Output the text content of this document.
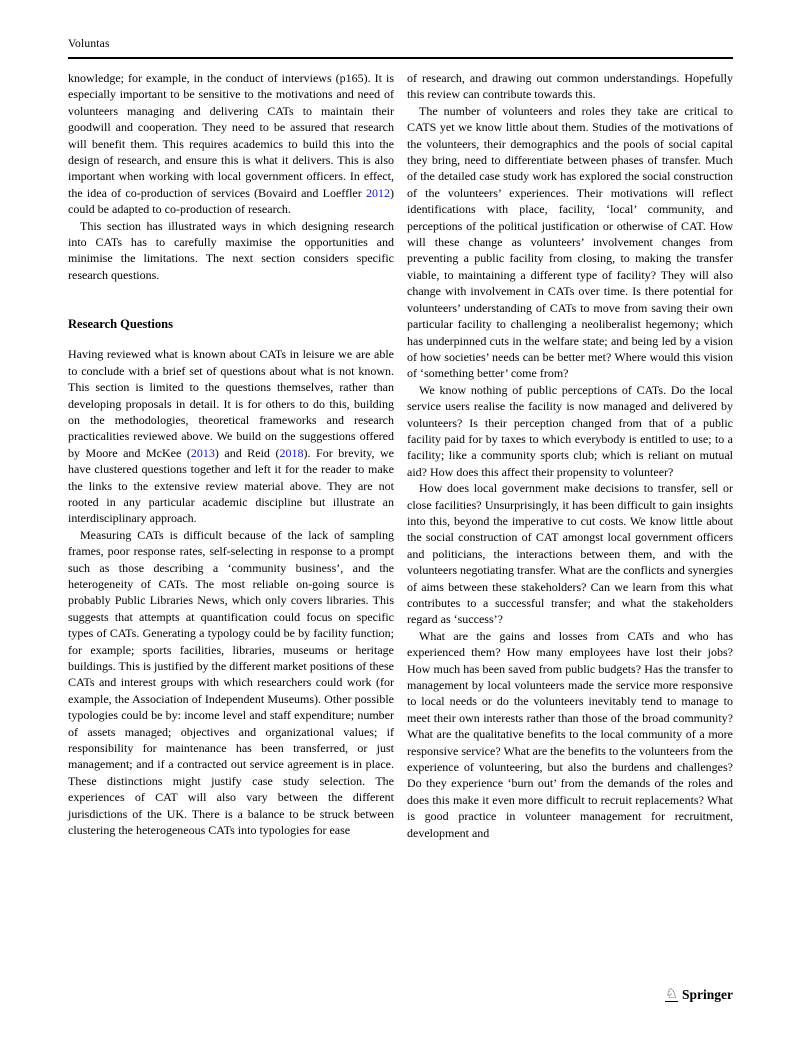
Voluntas

knowledge; for example, in the conduct of interviews (p165). It is especially important to be sensitive to the motivations and need of volunteers managing and delivering CATs to maintain their goodwill and cooperation. They need to be assured that research will benefit them. This requires academics to build this into the design of research, and ensure this is what it delivers. This is also important when working with local government officers. In effect, the idea of co-production of services (Bovaird and Loeffler 2012) could be adapted to co-production of research.

This section has illustrated ways in which designing research into CATs has to carefully maximise the opportunities and minimise the limitations. The next section considers specific research questions.

Research Questions

Having reviewed what is known about CATs in leisure we are able to conclude with a brief set of questions about what is not known. This section is limited to the questions themselves, rather than developing proposals in detail. It is for others to do this, building on the methodologies, theoretical frameworks and research practicalities reviewed above. We build on the suggestions offered by Moore and McKee (2013) and Reid (2018). For brevity, we have clustered questions together and left it for the reader to make the links to the extensive review material above. They are not rooted in any particular academic discipline but illustrate an interdisciplinary approach.

Measuring CATs is difficult because of the lack of sampling frames, poor response rates, self-selecting in response to a prompt such as those describing a ‘community business’, and the heterogeneity of CATs. The most reliable on-going source is probably Public Libraries News, which only covers libraries. This suggests that attempts at quantification could focus on specific types of CATs. Generating a typology could be by facility function; for example; sports facilities, libraries, museums or heritage buildings. This is justified by the different market positions of these CATs and interest groups with which researchers could work (for example, the Association of Independent Museums). Other possible typologies could be by: income level and staff expenditure; number of assets managed; objectives and organizational values; if responsibility for maintenance has been transferred, or just management; and if a contracted out service agreement is in place. These distinctions might justify case study selection. The experiences of CAT will also vary between the different jurisdictions of the UK. There is a balance to be struck between clustering the heterogeneous CATs into typologies for ease

of research, and drawing out common understandings. Hopefully this review can contribute towards this.

The number of volunteers and roles they take are critical to CATS yet we know little about them. Studies of the motivations of the volunteers, their demographics and the pools of social capital they bring, need to differentiate between phases of transfer. Much of the detailed case study work has explored the social construction of the volunteers’ experiences. Their motivations will reflect identifications with place, facility, ‘local’ community, and perceptions of the political justification or otherwise of CAT. How will these change as volunteers’ involvement changes from preventing a public facility from closing, to making the transfer viable, to maintaining a different type of facility? They will also change with involvement in CATs over time. Is there potential for volunteers’ understanding of CATs to move from saving their own particular facility to challenging a neoliberalist hegemony; which has underpinned cuts in the welfare state; and being led by a vision of how societies’ needs can be better met? Where would this vision of ‘something better’ come from?

We know nothing of public perceptions of CATs. Do the local service users realise the facility is now managed and delivered by volunteers? Is their perception changed from that of a public facility paid for by taxes to which everybody is entitled to use; to a facility; like a community sports club; which is reliant on mutual aid? How does this affect their propensity to volunteer?

How does local government make decisions to transfer, sell or close facilities? Unsurprisingly, it has been difficult to gain insights into this, beyond the imperative to cut costs. We know little about the social construction of CAT amongst local government officers and politicians, the interactions between them, and with the volunteers negotiating transfer. What are the conflicts and synergies of aims between these stakeholders? Can we learn from this what contributes to a successful transfer; and what the stakeholders regard as ‘success’?

What are the gains and losses from CATs and who has experienced them? How many employees have lost their jobs? How much has been saved from public budgets? Has the transfer to management by local volunteers made the service more responsive to local needs or do the volunteers inevitably tend to manage to meet their own interests rather than those of the broad community? What are the qualitative benefits to the local community of a more responsive service? What are the benefits to the volunteers from the experience of volunteering, but also the burdens and challenges? Do they experience ‘burn out’ from the demands of the roles and does this make it even more difficult to recruit replacements? What is good practice in volunteer management for recruitment, development and

♘ Springer
